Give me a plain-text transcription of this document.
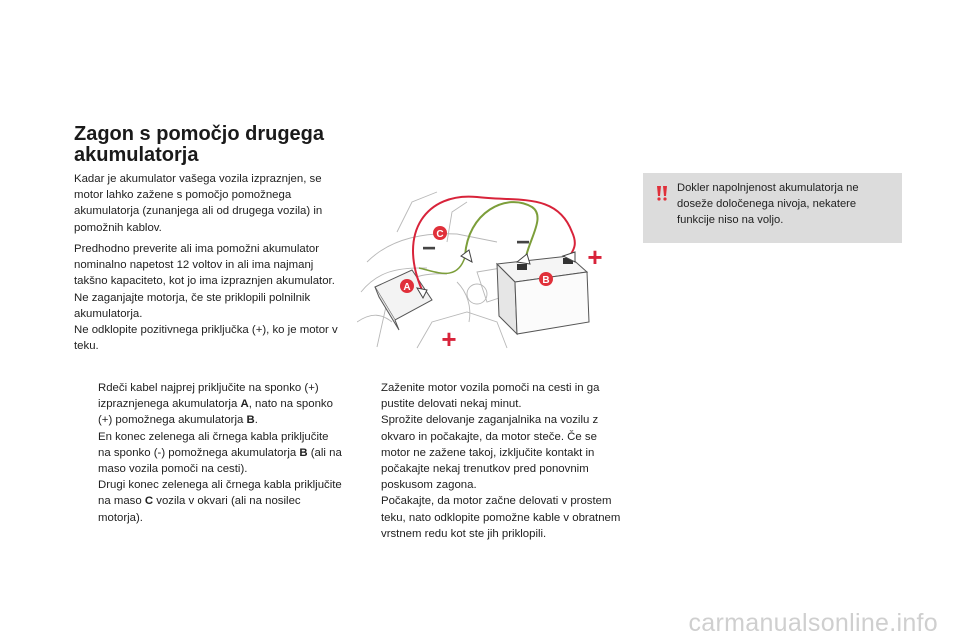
Zagon s pomočjo drugega
akumulatorja

Kadar je akumulator vašega vozila izpraznjen, se motor lahko zažene s pomočjo pomožnega akumulatorja (zunanjega ali od drugega vozila) in pomožnih kablov.

Predhodno preverite ali ima pomožni akumulator nominalno napetost 12 voltov in ali ima najmanj takšno kapaciteto, kot jo ima izpraznjen akumulator.
Ne zaganjajte motorja, če ste priklopili polnilnik akumulatorja.
Ne odklopite pozitivnega priključka (+), ko je motor v teku.

A
B
C
−	− +
+
Rdeči kabel najprej priključite na sponko (+) izpraznjenega akumulatorja A, nato na sponko (+) pomožnega akumulatorja B.
En konec zelenega ali črnega kabla priključite na sponko (-) pomožnega akumulatorja B (ali na maso vozila pomoči na cesti).
Drugi konec zelenega ali črnega kabla priključite na maso C vozila v okvari (ali na nosilec motorja).
Zaženite motor vozila pomoči na cesti in ga pustite delovati nekaj minut.
Sprožite delovanje zaganjalnika na vozilu z okvaro in počakajte, da motor steče. Če se motor ne zažene takoj, izklјučite kontakt in počakajte nekaj trenutkov pred ponovnim poskusom zagona.
Počakajte, da motor začne delovati v prostem teku, nato odklopite pomožne kable v obratnem vrstnem redu kot ste jih priklopili.

Dokler napolnjenost akumulatorja ne doseže določenega nivoja, nekatere funkcije niso na voljo.

carmanualsonline.info
